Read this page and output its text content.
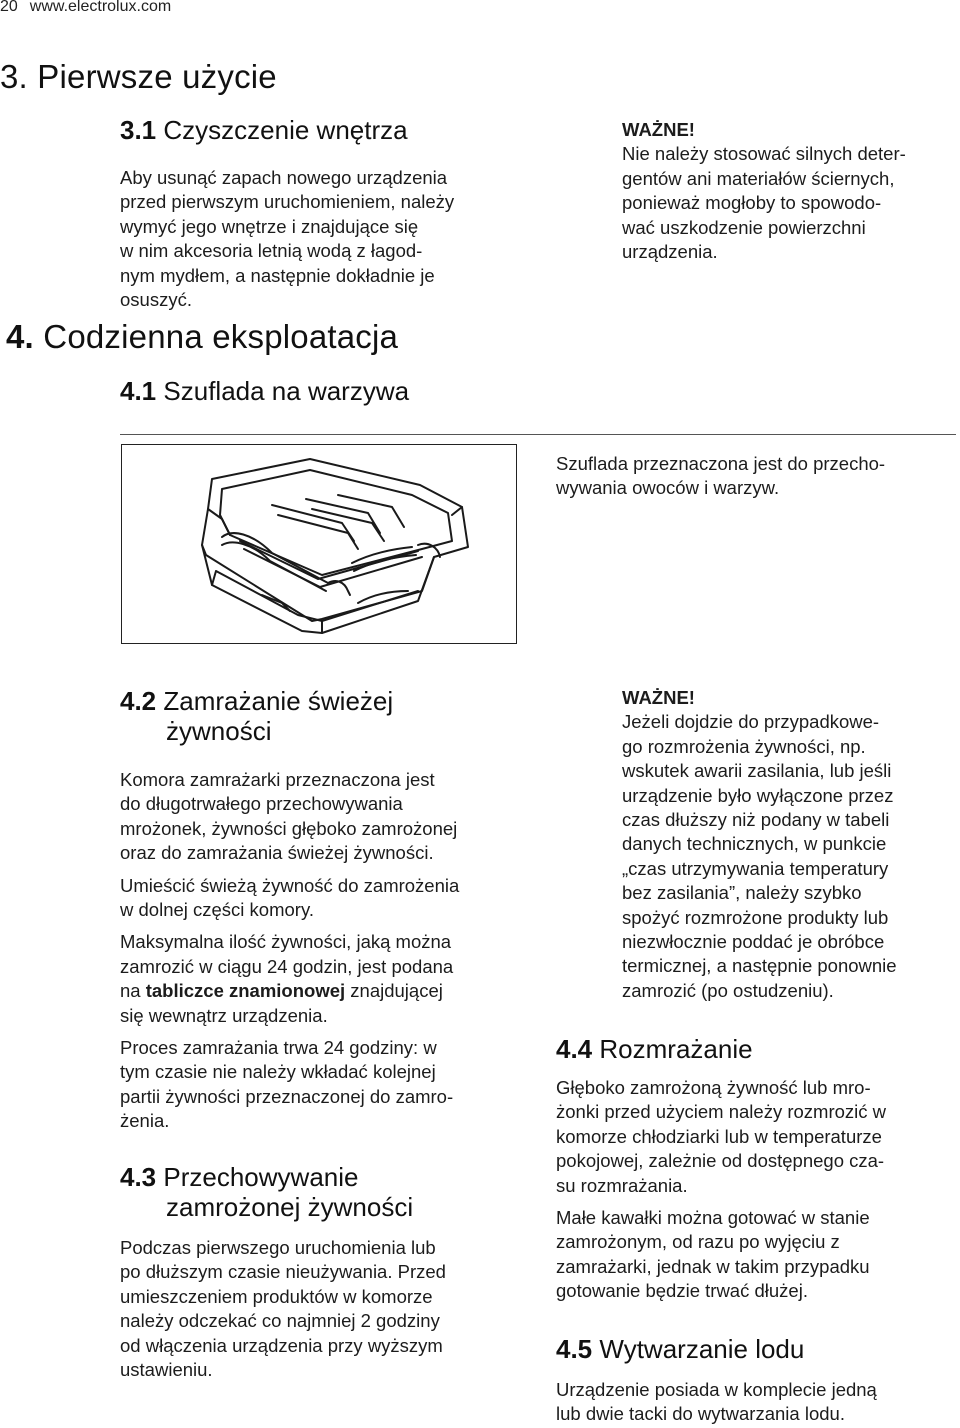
20 www.electrolux.com
3. Pierwsze użycie
3.1 Czyszczenie wnętrza
Aby usunąć zapach nowego urządzenia
przed pierwszym uruchomieniem, należy
wymyć jego wnętrze i znajdujące się
w nim akcesoria letnią wodą z łagod-
nym mydłem, a następnie dokładnie je
osuszyć.
WAŻNE!
Nie należy stosować silnych deter-
gentów ani materiałów ściernych,
ponieważ mogłoby to spowodo-
wać uszkodzenie powierzchni
urządzenia.
4. Codzienna eksploatacja
4.1 Szuflada na warzywa
Szuflada przeznaczona jest do przecho-
wywania owoców i warzyw.
4.2 Zamrażanie świeżej
żywności

Komora zamrażarki przeznaczona jest
do długotrwałego przechowywania
mrożonek, żywności głęboko zamrożonej
oraz do zamrażania świeżej żywności.

Umieścić świeżą żywność do zamrożenia
w dolnej części komory.

Maksymalna ilość żywności, jaką można
zamrozić w ciągu 24 godzin, jest podana
na tabliczce znamionowej znajdującej
się wewnątrz urządzenia.

Proces zamrażania trwa 24 godziny: w
tym czasie nie należy wkładać kolejnej
partii żywności przeznaczonej do zamro-
żenia.

4.3 Przechowywanie
zamrożonej żywności
Podczas pierwszego uruchomienia lub
po dłuższym czasie nieużywania. Przed
umieszczeniem produktów w komorze
należy odczekać co najmniej 2 godziny
od włączenia urządzenia przy wyższym
ustawieniu.
WAŻNE!
Jeżeli dojdzie do przypadkowe-
go rozmrożenia żywności, np.
wskutek awarii zasilania, lub jeśli
urządzenie było wyłączone przez
czas dłuższy niż podany w tabeli
danych technicznych, w punkcie
„czas utrzymywania temperatury
bez zasilania”, należy szybko
spożyć rozmrożone produkty lub
niezwłocznie poddać je obróbce
termicznej, a następnie ponownie
zamrozić (po ostudzeniu).
4.4 Rozmrażanie

Głęboko zamrożoną żywność lub mro-
żonki przed użyciem należy rozmrozić w
komorze chłodziarki lub w temperaturze
pokojowej, zależnie od dostępnego cza-
su rozmrażania.

Małe kawałki można gotować w stanie
zamrożonym, od razu po wyjęciu z
zamrażarki, jednak w takim przypadku
gotowanie będzie trwać dłużej.

4.5 Wytwarzanie lodu
Urządzenie posiada w komplecie jedną
lub dwie tacki do wytwarzania lodu.
